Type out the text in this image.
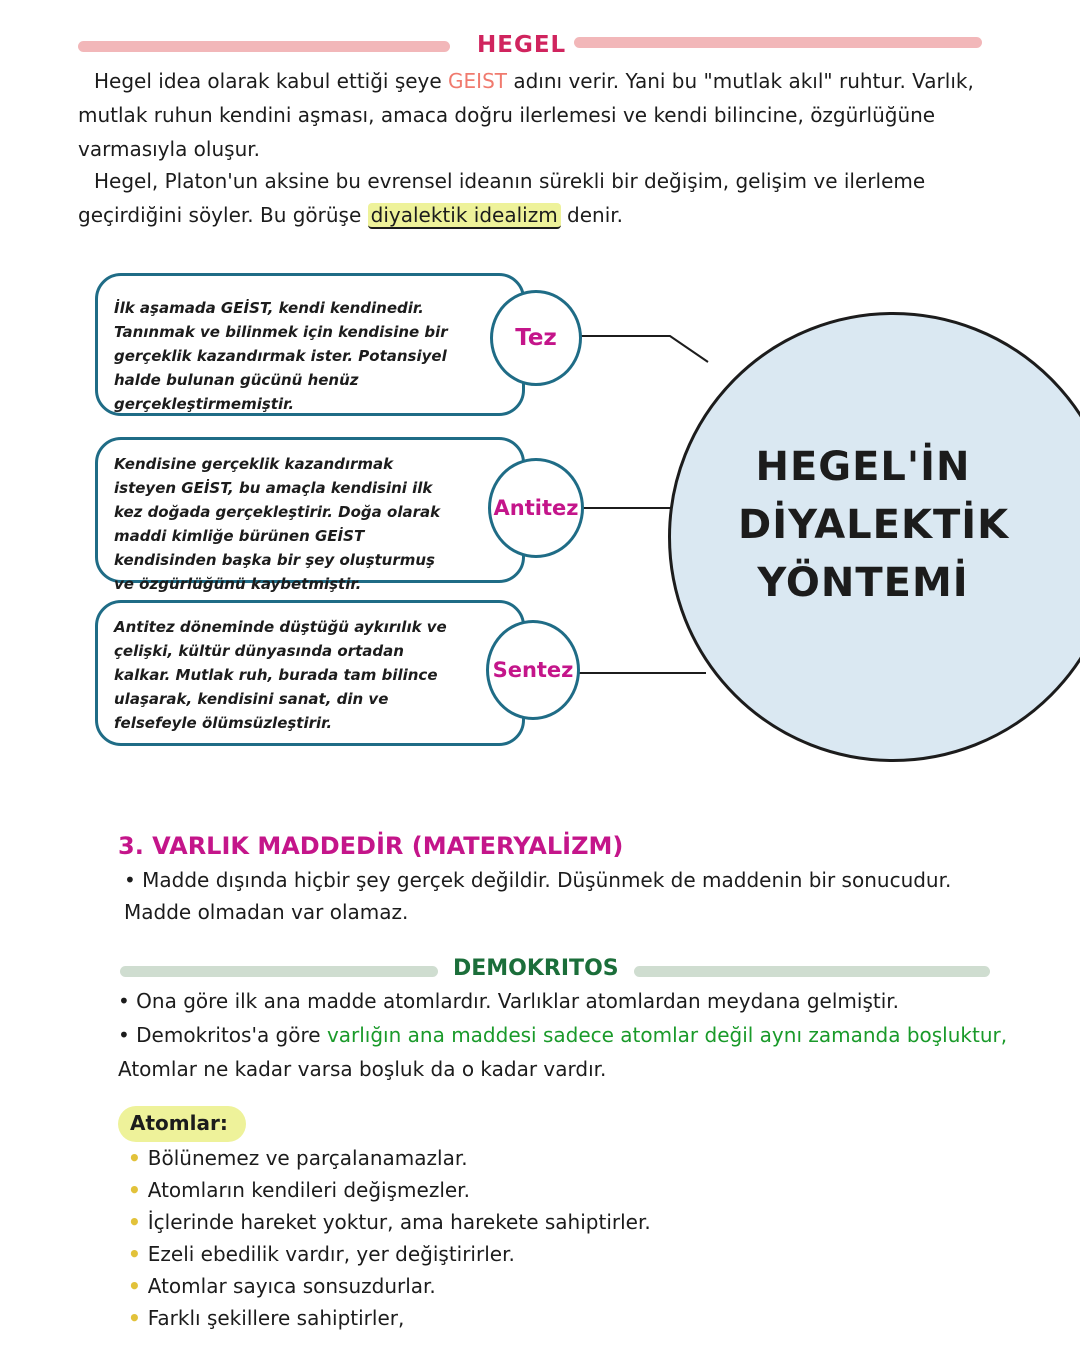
HEGEL
Hegel idea olarak kabul ettiği şeye GEIST adını verir. Yani bu "mutlak akıl" ruhtur. Varlık, mutlak ruhun kendini aşması, amaca doğru ilerlemesi ve kendi bilincine, özgürlüğüne varmasıyla oluşur.
Hegel, Platon'un aksine bu evrensel ideanın sürekli bir değişim, gelişim ve ilerleme geçirdiğini söyler. Bu görüşe diyalektik idealizm denir.
HEGEL'İN
DİYALEKTİK
YÖNTEMİ
İlk aşamada GEİST, kendi kendinedir. Tanınmak ve bilinmek için kendisine bir gerçeklik kazandırmak ister. Potansiyel halde bulunan gücünü henüz gerçekleştirmemiştir.
Tez
Kendisine gerçeklik kazandırmak isteyen GEİST, bu amaçla kendisini ilk kez doğada gerçekleştirir. Doğa olarak maddi kimliğe bürünen GEİST kendisinden başka bir şey oluşturmuş ve özgürlüğünü kaybetmiştir.
Antitez
Antitez döneminde düştüğü aykırılık ve çelişki, kültür dünyasında ortadan kalkar. Mutlak ruh, burada tam bilince ulaşarak, kendisini sanat, din ve felsefeyle ölümsüzleştirir.
Sentez
3. VARLIK MADDEDİR (MATERYALİZM)
• Madde dışında hiçbir şey gerçek değildir. Düşünmek de maddenin bir sonucudur. Madde olmadan var olamaz.
DEMOKRITOS
• Ona göre ilk ana madde atomlardır. Varlıklar atomlardan meydana gelmiştir.
• Demokritos'a göre varlığın ana maddesi sadece atomlar değil aynı zamanda boşluktur, Atomlar ne kadar varsa boşluk da o kadar vardır.
Atomlar:
• Bölünemez ve parçalanamazlar.
• Atomların kendileri değişmezler.
• İçlerinde hareket yoktur, ama harekete sahiptirler.
• Ezeli ebedilik vardır, yer değiştirirler.
• Atomlar sayıca sonsuzdurlar.
• Farklı şekillere sahiptirler,
